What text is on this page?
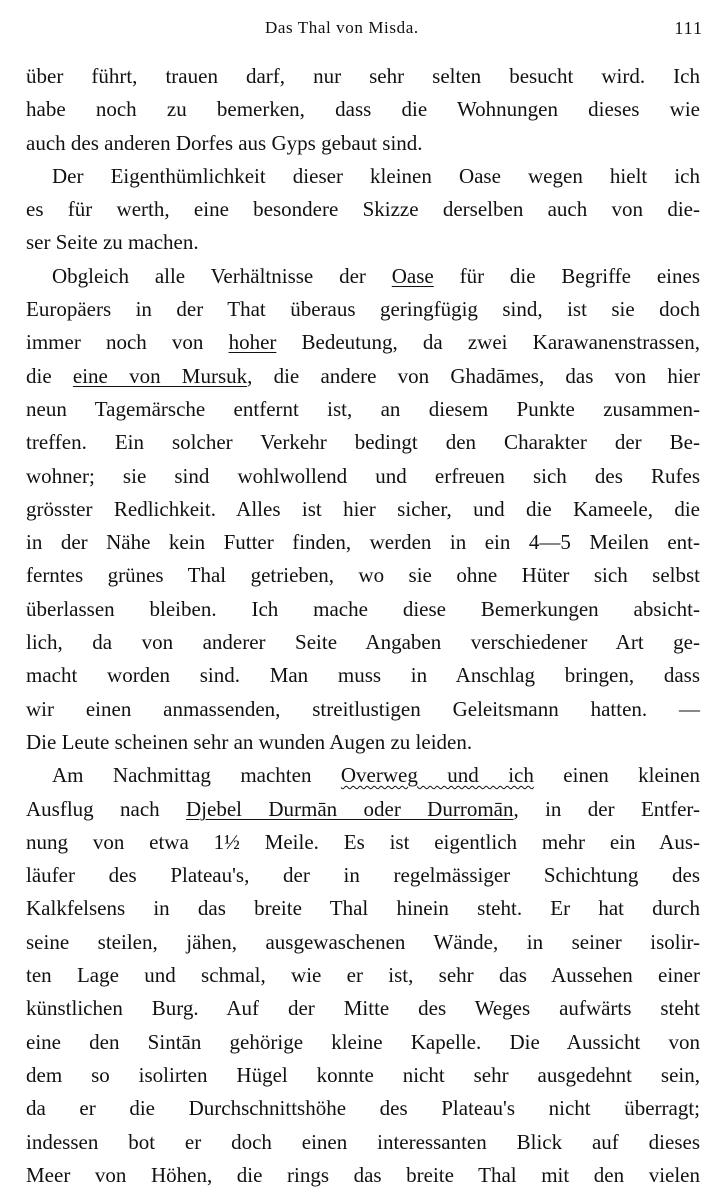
Das Thal von Misda.	111
über führt, trauen darf, nur sehr selten besucht wird. Ich
habe noch zu bemerken, dass die Wohnungen dieses wie
auch des anderen Dorfes aus Gyps gebaut sind.
Der Eigenthümlichkeit dieser kleinen Oase wegen hielt ich
es für werth, eine besondere Skizze derselben auch von die-
ser Seite zu machen.
Obgleich alle Verhältnisse der Oase für die Begriffe eines
Europäers in der That überaus geringfügig sind, ist sie doch
immer noch von hoher Bedeutung, da zwei Karawanenstrassen,
die eine von Mursuk, die andere von Ghadāmes, das von hier
neun Tagemärsche entfernt ist, an diesem Punkte zusammen-
treffen. Ein solcher Verkehr bedingt den Charakter der Be-
wohner; sie sind wohlwollend und erfreuen sich des Rufes
grösster Redlichkeit. Alles ist hier sicher, und die Kameele, die
in der Nähe kein Futter finden, werden in ein 4—5 Meilen ent-
ferntes grünes Thal getrieben, wo sie ohne Hüter sich selbst
überlassen bleiben. Ich mache diese Bemerkungen absicht-
lich, da von anderer Seite Angaben verschiedener Art ge-
macht worden sind. Man muss in Anschlag bringen, dass
wir einen anmassenden, streitlustigen Geleitsmann hatten. —
Die Leute scheinen sehr an wunden Augen zu leiden.
Am Nachmittag machten Overweg und ich einen kleinen
Ausflug nach Djebel Durmān oder Durromān, in der Entfer-
nung von etwa 1½ Meile. Es ist eigentlich mehr ein Aus-
läufer des Plateau's, der in regelmässiger Schichtung des
Kalkfelsens in das breite Thal hinein steht. Er hat durch
seine steilen, jähen, ausgewaschenen Wände, in seiner isolir-
ten Lage und schmal, wie er ist, sehr das Aussehen einer
künstlichen Burg. Auf der Mitte des Weges aufwärts steht
eine den Sintān gehörige kleine Kapelle. Die Aussicht von
dem so isolirten Hügel konnte nicht sehr ausgedehnt sein,
da er die Durchschnittshöhe des Plateau's nicht überragt;
indessen bot er doch einen interessanten Blick auf dieses
Meer von Höhen, die rings das breite Thal mit den vielen
